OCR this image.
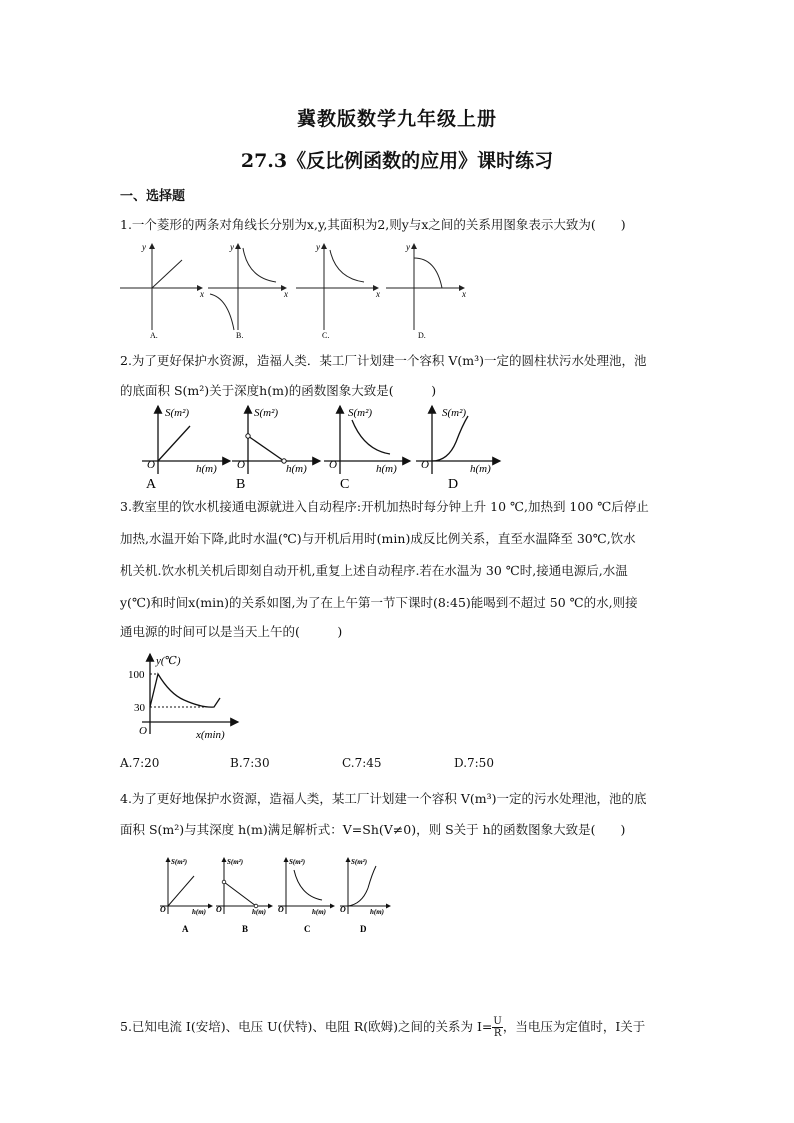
冀教版数学九年级上册
27.3《反比例函数的应用》课时练习
一、选择题
1.一个菱形的两条对角线长分别为x,y,其面积为2,则y与x之间的关系用图象表示大致为(　　)
y
x
A.
y
x
B.
y
x
C.
y
x
D.
2.为了更好保护水资源，造福人类．某工厂计划建一个容积 V(m³)一定的圆柱状污水处理池，池
的底面积 S(m²)关于深度h(m)的函数图象大致是(　　　)
S(m²)
O	h(m)
A
S(m²)
O	h(m)
B
S(m²)
O	h(m)
C
S(m²)
O	h(m)
D
3.教室里的饮水机接通电源就进入自动程序:开机加热时每分钟上升 10 ℃,加热到 100 ℃后停止
加热,水温开始下降,此时水温(℃)与开机后用时(min)成反比例关系，直至水温降至 30℃,饮水
机关机.饮水机关机后即刻自动开机,重复上述自动程序.若在水温为 30 ℃时,接通电源后,水温
y(℃)和时间x(min)的关系如图,为了在上午第一节下课时(8:45)能喝到不超过 50 ℃的水,则接
通电源的时间可以是当天上午的(　　　)
y(℃)
100
30
O	x(min)
A.7:20	B.7:30	C.7:45	D.7:50
4.为了更好地保护水资源，造福人类，某工厂计划建一个容积 V(m³)一定的污水处理池，池的底
面积 S(m²)与其深度 h(m)满足解析式：V=Sh(V≠0)，则 S关于 h的函数图象大致是(　　)
S(m²)
O	h(m)
A
S(m²)
O	h(m)
B
S(m²)
O	h(m)
C
S(m²)
O	h(m)
D
5.已知电流 I(安培)、电压 U(伏特)、电阻 R(欧姆)之间的关系为 $I= \frac{U}{R}$ ，当电压为定值时，I关于
